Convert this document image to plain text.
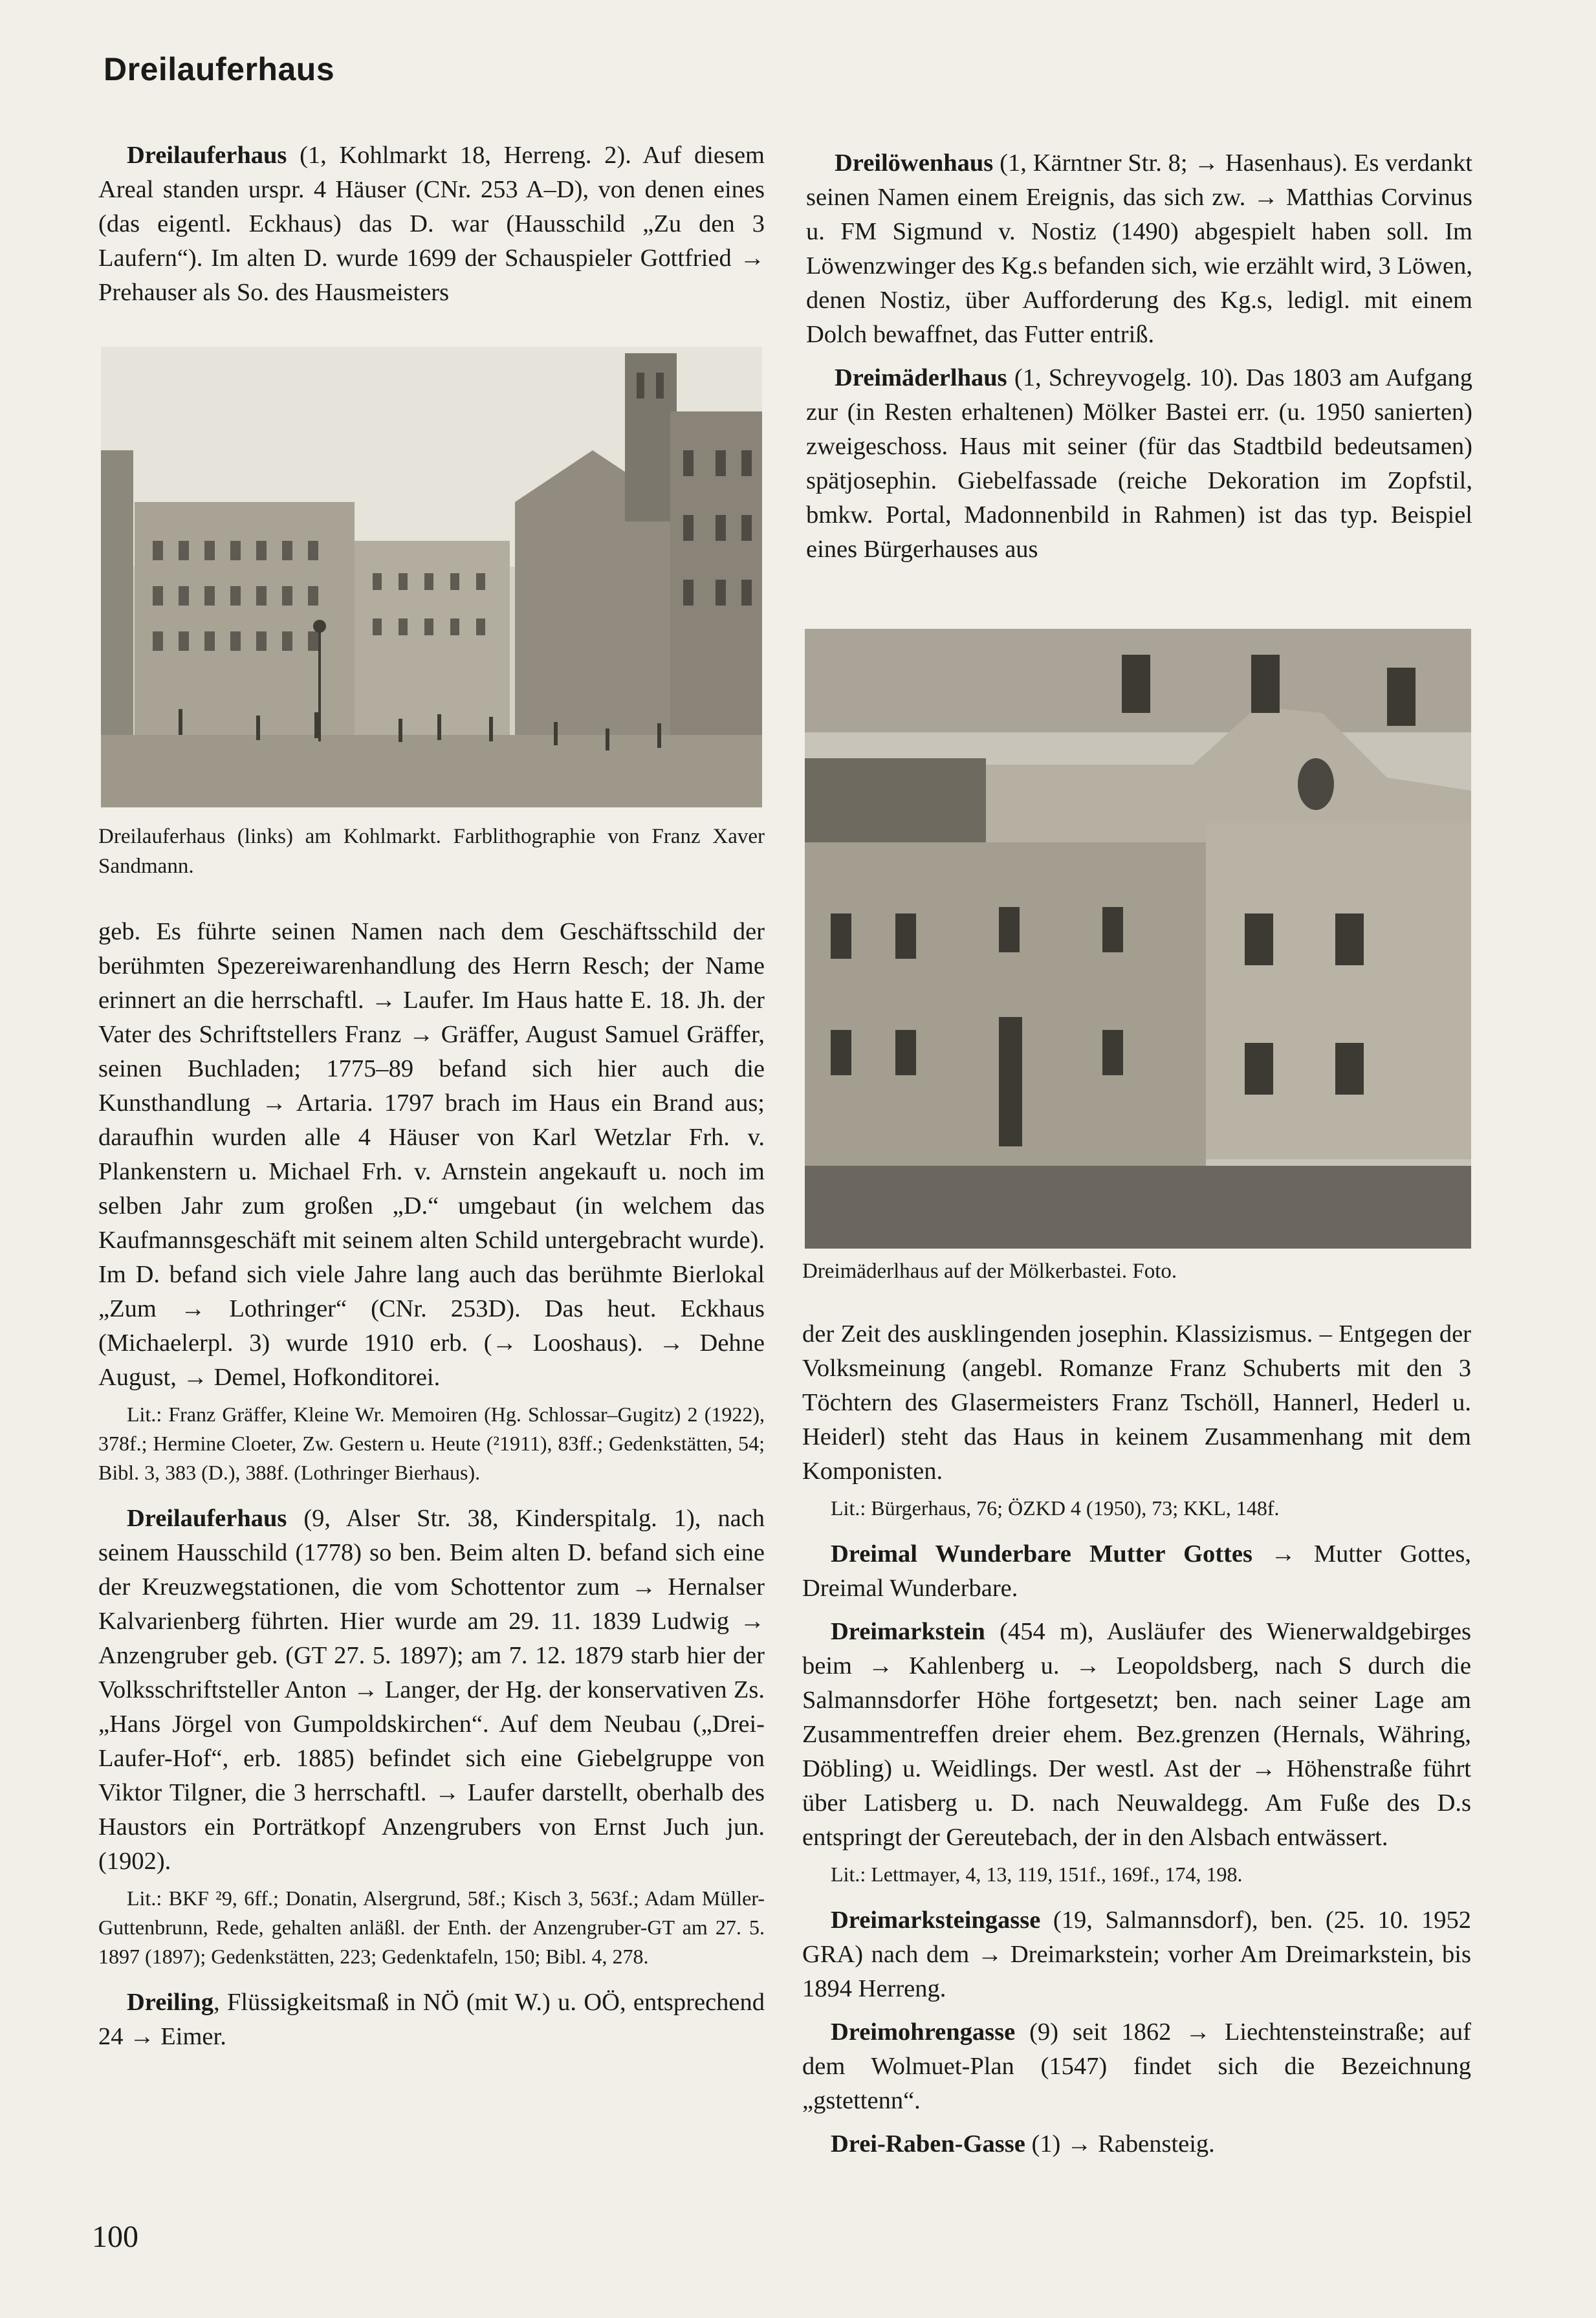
Dreilauferhaus

Dreilauferhaus (1, Kohlmarkt 18, Herreng. 2). Auf diesem Areal standen urspr. 4 Häuser (CNr. 253 A–D), von denen eines (das eigentl. Eckhaus) das D. war (Hausschild „Zu den 3 Laufern“). Im alten D. wurde 1699 der Schauspieler Gottfried → Prehauser als So. des Hausmeisters

Dreilauferhaus (links) am Kohlmarkt. Farblithographie von Franz Xaver Sandmann.

geb. Es führte seinen Namen nach dem Geschäftsschild der berühmten Spezereiwarenhandlung des Herrn Resch; der Name erinnert an die herrschaftl. → Laufer. Im Haus hatte E. 18. Jh. der Vater des Schriftstellers Franz → Gräffer, August Samuel Gräffer, seinen Buchladen; 1775–89 befand sich hier auch die Kunsthandlung → Artaria. 1797 brach im Haus ein Brand aus; daraufhin wurden alle 4 Häuser von Karl Wetzlar Frh. v. Plankenstern u. Michael Frh. v. Arnstein angekauft u. noch im selben Jahr zum großen „D.“ umgebaut (in welchem das Kaufmannsgeschäft mit seinem alten Schild untergebracht wurde). Im D. befand sich viele Jahre lang auch das berühmte Bierlokal „Zum → Lothringer“ (CNr. 253D). Das heut. Eckhaus (Michaelerpl. 3) wurde 1910 erb. (→ Looshaus). → Dehne August, → Demel, Hofkonditorei.

Lit.: Franz Gräffer, Kleine Wr. Memoiren (Hg. Schlossar–Gugitz) 2 (1922), 378f.; Hermine Cloeter, Zw. Gestern u. Heute (²1911), 83ff.; Gedenkstätten, 54; Bibl. 3, 383 (D.), 388f. (Lothringer Bierhaus).

Dreilauferhaus (9, Alser Str. 38, Kinderspitalg. 1), nach seinem Hausschild (1778) so ben. Beim alten D. befand sich eine der Kreuzwegstationen, die vom Schottentor zum → Hernalser Kalvarienberg führten. Hier wurde am 29. 11. 1839 Ludwig → Anzengruber geb. (GT 27. 5. 1897); am 7. 12. 1879 starb hier der Volksschriftsteller Anton → Langer, der Hg. der konservativen Zs. „Hans Jörgel von Gumpoldskirchen“. Auf dem Neubau („Drei-Laufer-Hof“, erb. 1885) befindet sich eine Giebelgruppe von Viktor Tilgner, die 3 herrschaftl. → Laufer darstellt, oberhalb des Haustors ein Porträtkopf Anzengrubers von Ernst Juch jun. (1902).

Lit.: BKF ²9, 6ff.; Donatin, Alsergrund, 58f.; Kisch 3, 563f.; Adam Müller-Guttenbrunn, Rede, gehalten anläßl. der Enth. der Anzengruber-GT am 27. 5. 1897 (1897); Gedenkstätten, 223; Gedenktafeln, 150; Bibl. 4, 278.

Dreiling, Flüssigkeitsmaß in NÖ (mit W.) u. OÖ, entsprechend 24 → Eimer.

Dreilöwenhaus (1, Kärntner Str. 8; → Hasenhaus). Es verdankt seinen Namen einem Ereignis, das sich zw. → Matthias Corvinus u. FM Sigmund v. Nostiz (1490) abgespielt haben soll. Im Löwenzwinger des Kg.s befanden sich, wie erzählt wird, 3 Löwen, denen Nostiz, über Aufforderung des Kg.s, ledigl. mit einem Dolch bewaffnet, das Futter entriß.

Dreimäderlhaus (1, Schreyvogelg. 10). Das 1803 am Aufgang zur (in Resten erhaltenen) Mölker Bastei err. (u. 1950 sanierten) zweigeschoss. Haus mit seiner (für das Stadtbild bedeutsamen) spätjosephin. Giebelfassade (reiche Dekoration im Zopfstil, bmkw. Portal, Madonnenbild in Rahmen) ist das typ. Beispiel eines Bürgerhauses aus

Dreimäderlhaus auf der Mölkerbastei. Foto.

der Zeit des ausklingenden josephin. Klassizismus. – Entgegen der Volksmeinung (angebl. Romanze Franz Schuberts mit den 3 Töchtern des Glasermeisters Franz Tschöll, Hannerl, Hederl u. Heiderl) steht das Haus in keinem Zusammenhang mit dem Komponisten.

Lit.: Bürgerhaus, 76; ÖZKD 4 (1950), 73; KKL, 148f.

Dreimal Wunderbare Mutter Gottes → Mutter Gottes, Dreimal Wunderbare.

Dreimarkstein (454 m), Ausläufer des Wienerwaldgebirges beim → Kahlenberg u. → Leopoldsberg, nach S durch die Salmannsdorfer Höhe fortgesetzt; ben. nach seiner Lage am Zusammentreffen dreier ehem. Bez.grenzen (Hernals, Währing, Döbling) u. Weidlings. Der westl. Ast der → Höhenstraße führt über Latisberg u. D. nach Neuwaldegg. Am Fuße des D.s entspringt der Gereutebach, der in den Alsbach entwässert.

Lit.: Lettmayer, 4, 13, 119, 151f., 169f., 174, 198.

Dreimarksteingasse (19, Salmannsdorf), ben. (25. 10. 1952 GRA) nach dem → Dreimarkstein; vorher Am Dreimarkstein, bis 1894 Herreng.

Dreimohrengasse (9) seit 1862 → Liechtensteinstraße; auf dem Wolmuet-Plan (1547) findet sich die Bezeichnung „gstettenn“.

Drei-Raben-Gasse (1) → Rabensteig.

100
